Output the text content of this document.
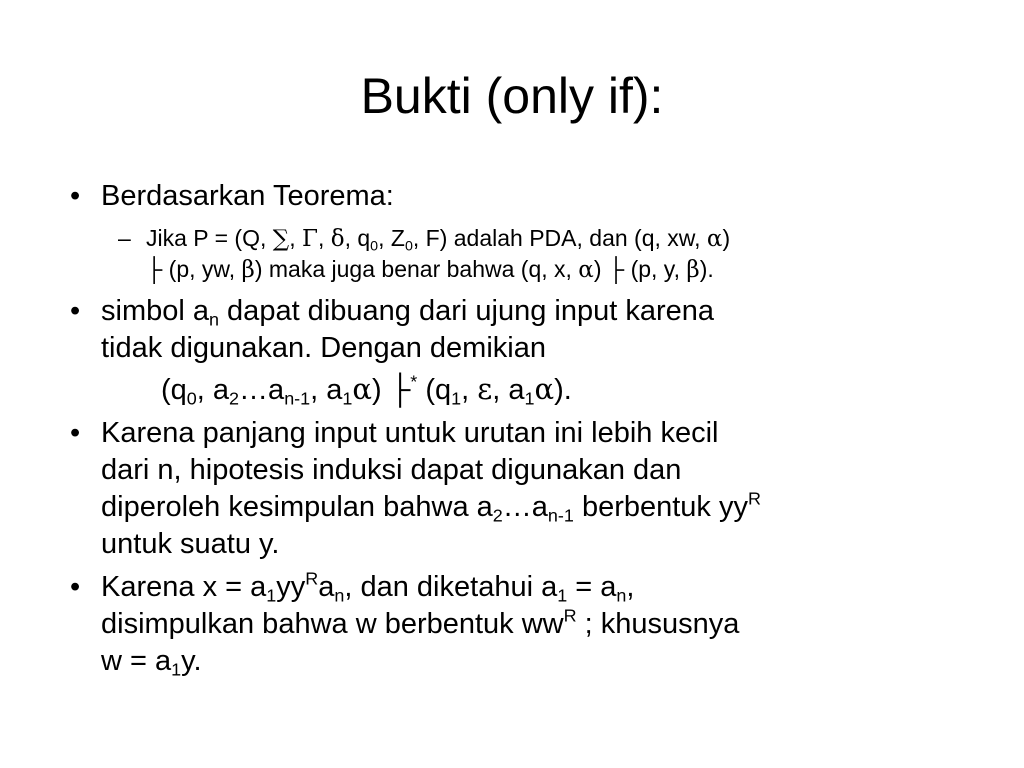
Bukti (only if):
• Berdasarkan Teorema:
– Jika P = (Q, ∑, Γ, δ, $q_0$, $Z_0$, F) adalah PDA, dan (q, xw, α)
├ (p, yw, β) maka juga benar bahwa (q, x, α) ├ (p, y, β).
• simbol $a_n$ dapat dibuang dari ujung input karena
tidak digunakan. Dengan demikian
($q_0$, $a_2\dots a_{n-1}$, $a_1\alpha$) ├* ($q_1$, ε, $a_1\alpha$).
• Karena panjang input untuk urutan ini lebih kecil
dari n, hipotesis induksi dapat digunakan dan
diperoleh kesimpulan bahwa $a_2\dots a_{n-1}$ berbentuk $yy^R$
untuk suatu y.
• Karena $x = a_1yy^Ra_n$, dan diketahui $a_1 = a_n$,
disimpulkan bahwa w berbentuk $ww^R$ ; khususnya
$w = a_1y$.
